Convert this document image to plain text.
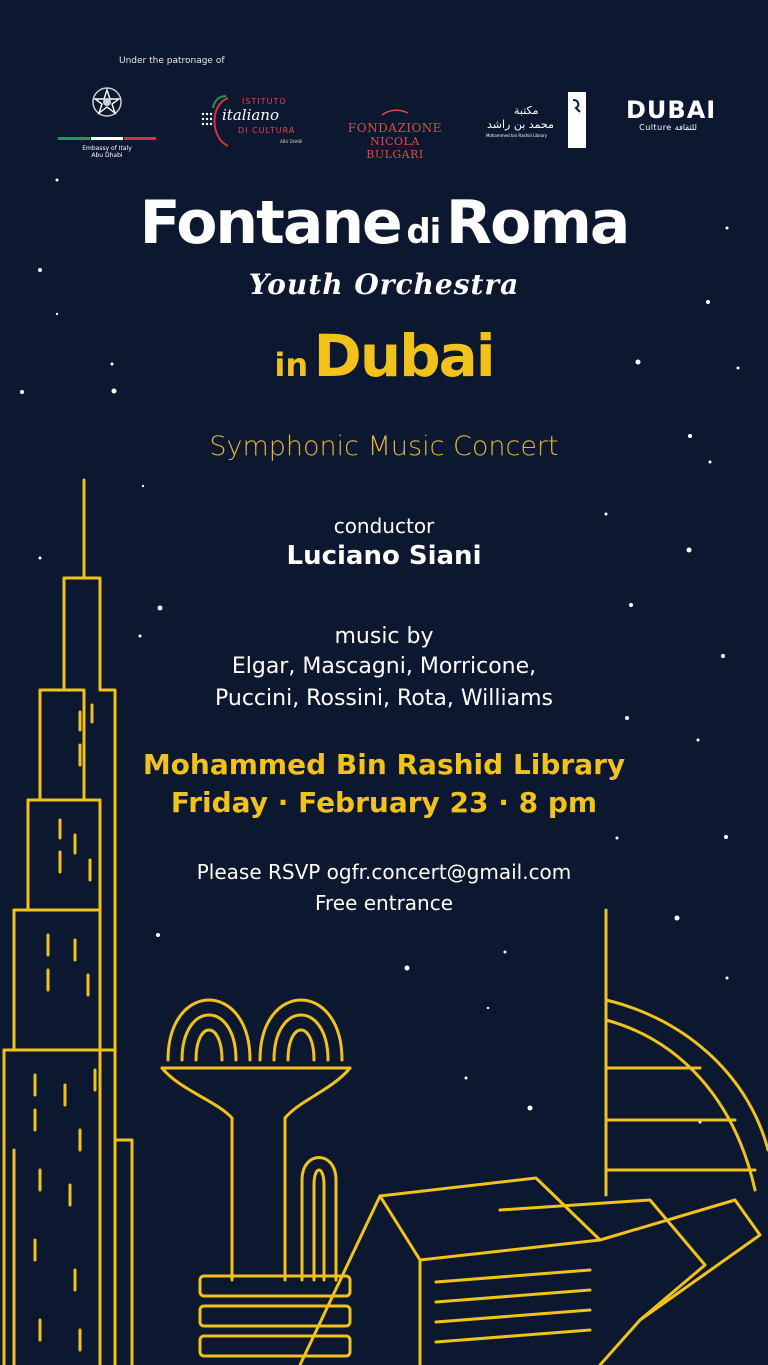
Under the patronage of

Embassy of Italy
Abu Dhabi
ISTITUTO
italiano
DI CULTURA
ABU DHABI
FONDAZIONE
NICOLA BULGARI
مكتبة
محمد بن راشد
Mohammed bin Rashid Library
DUBAI
Culture للثقافة
Fontane di Roma
Youth Orchestra
in Dubai
Symphonic Music Concert
conductor
Luciano Siani
music by
Elgar, Mascagni, Morricone,
Puccini, Rossini, Rota, Williams
Mohammed Bin Rashid Library
Friday · February 23 · 8 pm
Please RSVP ogfr.concert@gmail.com
Free entrance
